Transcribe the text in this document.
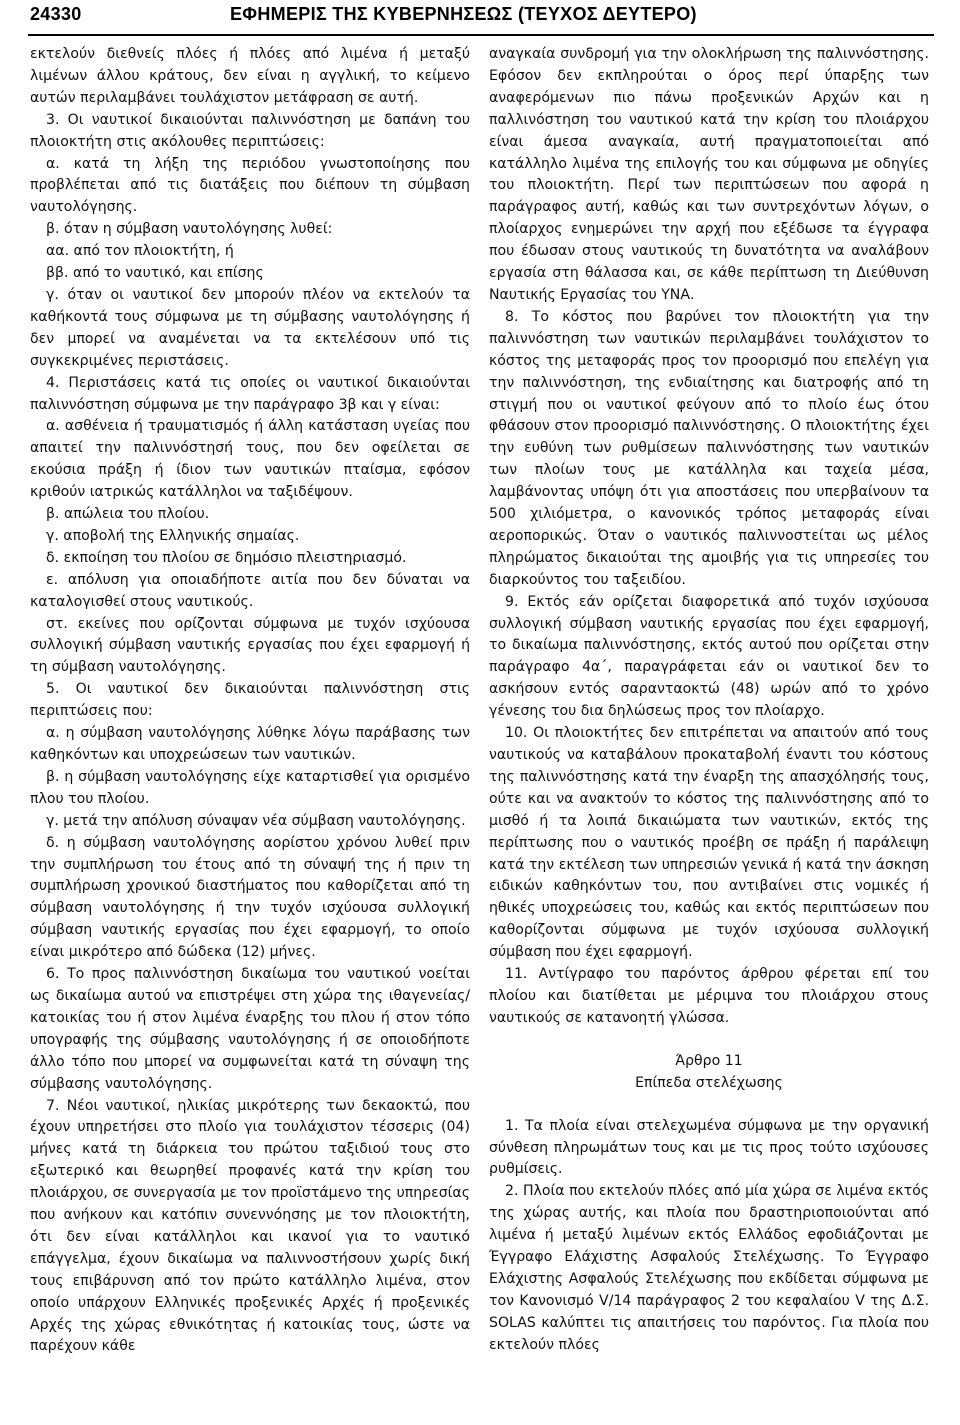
24330	ΕΦΗΜΕΡΙΣ ΤΗΣ ΚΥΒΕΡΝΗΣΕΩΣ (ΤΕΥΧΟΣ ΔΕΥΤΕΡΟ)

εκτελούν διεθνείς πλόες ή πλόες από λιμένα ή μεταξύ λιμένων άλλου κράτους, δεν είναι η αγγλική, το κείμενο αυτών περιλαμβάνει τουλάχιστον μετάφραση σε αυτή.

3. Οι ναυτικοί δικαιούνται παλιννόστηση με δαπάνη του πλοιοκτήτη στις ακόλουθες περιπτώσεις:

α. κατά τη λήξη της περιόδου γνωστοποίησης που προβλέπεται από τις διατάξεις που διέπουν τη σύμβαση ναυτολόγησης.

β. όταν η σύμβαση ναυτολόγησης λυθεί:

αα. από τον πλοιοκτήτη, ή

ββ. από το ναυτικό, και επίσης

γ. όταν οι ναυτικοί δεν μπορούν πλέον να εκτελούν τα καθήκοντά τους σύμφωνα με τη σύμβασης ναυτολόγησης ή δεν μπορεί να αναμένεται να τα εκτελέσουν υπό τις συγκεκριμένες περιστάσεις.

4. Περιστάσεις κατά τις οποίες οι ναυτικοί δικαιούνται παλιννόστηση σύμφωνα με την παράγραφο 3β και γ είναι:

α. ασθένεια ή τραυματισμός ή άλλη κατάσταση υγείας που απαιτεί την παλιννόστησή τους, που δεν οφείλεται σε εκούσια πράξη ή ίδιον των ναυτικών πταίσμα, εφόσον κριθούν ιατρικώς κατάλληλοι να ταξιδέψουν.

β. απώλεια του πλοίου.

γ. αποβολή της Ελληνικής σημαίας.

δ. εκποίηση του πλοίου σε δημόσιο πλειστηριασμό.

ε. απόλυση για οποιαδήποτε αιτία που δεν δύναται να καταλογισθεί στους ναυτικούς.

στ. εκείνες που ορίζονται σύμφωνα με τυχόν ισχύουσα συλλογική σύμβαση ναυτικής εργασίας που έχει εφαρμογή ή τη σύμβαση ναυτολόγησης.

5. Οι ναυτικοί δεν δικαιούνται παλιννόστηση στις περιπτώσεις που:

α. η σύμβαση ναυτολόγησης λύθηκε λόγω παράβασης των καθηκόντων και υποχρεώσεων των ναυτικών.

β. η σύμβαση ναυτολόγησης είχε καταρτισθεί για ορισμένο πλου του πλοίου.

γ. μετά την απόλυση σύναψαν νέα σύμβαση ναυτολόγησης.

δ. η σύμβαση ναυτολόγησης αορίστου χρόνου λυθεί πριν την συμπλήρωση του έτους από τη σύναψή της ή πριν τη συμπλήρωση χρονικού διαστήματος που καθορίζεται από τη σύμβαση ναυτολόγησης ή την τυχόν ισχύουσα συλλογική σύμβαση ναυτικής εργασίας που έχει εφαρμογή, το οποίο είναι μικρότερο από δώδεκα (12) μήνες.

6. Το προς παλιννόστηση δικαίωμα του ναυτικού νοείται ως δικαίωμα αυτού να επιστρέψει στη χώρα της ιθαγενείας/κατοικίας του ή στον λιμένα έναρξης του πλου ή στον τόπο υπογραφής της σύμβασης ναυτολόγησης ή σε οποιοδήποτε άλλο τόπο που μπορεί να συμφωνείται κατά τη σύναψη της σύμβασης ναυτολόγησης.

7. Νέοι ναυτικοί, ηλικίας μικρότερης των δεκαοκτώ, που έχουν υπηρετήσει στο πλοίο για τουλάχιστον τέσσερις (04) μήνες κατά τη διάρκεια του πρώτου ταξιδιού τους στο εξωτερικό και θεωρηθεί προφανές κατά την κρίση του πλοιάρχου, σε συνεργασία με τον προϊστάμενο της υπηρεσίας που ανήκουν και κατόπιν συνεννόησης με τον πλοιοκτήτη, ότι δεν είναι κατάλληλοι και ικανοί για το ναυτικό επάγγελμα, έχουν δικαίωμα να παλιννοστήσουν χωρίς δική τους επιβάρυνση από τον πρώτο κατάλληλο λιμένα, στον οποίο υπάρχουν Ελληνικές προξενικές Αρχές ή προξενικές Αρχές της χώρας εθνικότητας ή κατοικίας τους, ώστε να παρέχουν κάθε

αναγκαία συνδρομή για την ολοκλήρωση της παλιννόστησης. Εφόσον δεν εκπληρούται ο όρος περί ύπαρξης των αναφερόμενων πιο πάνω προξενικών Αρχών και η παλλινόστηση του ναυτικού κατά την κρίση του πλοιάρχου είναι άμεσα αναγκαία, αυτή πραγματοποιείται από κατάλληλο λιμένα της επιλογής του και σύμφωνα με οδηγίες του πλοιοκτήτη. Περί των περιπτώσεων που αφορά η παράγραφος αυτή, καθώς και των συντρεχόντων λόγων, ο πλοίαρχος ενημερώνει την αρχή που εξέδωσε τα έγγραφα που έδωσαν στους ναυτικούς τη δυνατότητα να αναλάβουν εργασία στη θάλασσα και, σε κάθε περίπτωση τη Διεύθυνση Ναυτικής Εργασίας του ΥΝΑ.

8. Το κόστος που βαρύνει τον πλοιοκτήτη για την παλιννόστηση των ναυτικών περιλαμβάνει τουλάχιστον το κόστος της μεταφοράς προς τον προορισμό που επελέγη για την παλιννόστηση, της ενδιαίτησης και διατροφής από τη στιγμή που οι ναυτικοί φεύγουν από το πλοίο έως ότου φθάσουν στον προορισμό παλιννόστησης. Ο πλοιοκτήτης έχει την ευθύνη των ρυθμίσεων παλιννόστησης των ναυτικών των πλοίων τους με κατάλληλα και ταχεία μέσα, λαμβάνοντας υπόψη ότι για αποστάσεις που υπερβαίνουν τα 500 χιλιόμετρα, ο κανονικός τρόπος μεταφοράς είναι αεροπορικώς. Όταν ο ναυτικός παλιννοστείται ως μέλος πληρώματος δικαιούται της αμοιβής για τις υπηρεσίες του διαρκούντος του ταξειδίου.

9. Εκτός εάν ορίζεται διαφορετικά από τυχόν ισχύουσα συλλογική σύμβαση ναυτικής εργασίας που έχει εφαρμογή, το δικαίωμα παλιννόστησης, εκτός αυτού που ορίζεται στην παράγραφο 4α΄, παραγράφεται εάν οι ναυτικοί δεν το ασκήσουν εντός σαρανταοκτώ (48) ωρών από το χρόνο γένεσης του δια δηλώσεως προς τον πλοίαρχο.

10. Οι πλοιοκτήτες δεν επιτρέπεται να απαιτούν από τους ναυτικούς να καταβάλουν προκαταβολή έναντι του κόστους της παλιννόστησης κατά την έναρξη της απασχόλησής τους, ούτε και να ανακτούν το κόστος της παλιννόστησης από το μισθό ή τα λοιπά δικαιώματα των ναυτικών, εκτός της περίπτωσης που ο ναυτικός προέβη σε πράξη ή παράλειψη κατά την εκτέλεση των υπηρεσιών γενικά ή κατά την άσκηση ειδικών καθηκόντων του, που αντιβαίνει στις νομικές ή ηθικές υποχρεώσεις του, καθώς και εκτός περιπτώσεων που καθορίζονται σύμφωνα με τυχόν ισχύουσα συλλογική σύμβαση που έχει εφαρμογή.

11. Αντίγραφο του παρόντος άρθρου φέρεται επί του πλοίου και διατίθεται με μέριμνα του πλοιάρχου στους ναυτικούς σε κατανοητή γλώσσα.

Άρθρο 11

Επίπεδα στελέχωσης

1. Τα πλοία είναι στελεχωμένα σύμφωνα με την οργανική σύνθεση πληρωμάτων τους και με τις προς τούτο ισχύουσες ρυθμίσεις.

2. Πλοία που εκτελούν πλόες από μία χώρα σε λιμένα εκτός της χώρας αυτής, και πλοία που δραστηριοποιούνται από λιμένα ή μεταξύ λιμένων εκτός Ελλάδος eφοδιάζονται με Έγγραφο Ελάχιστης Ασφαλούς Στελέχωσης. Το Έγγραφο Ελάχιστης Ασφαλούς Στελέχωσης που εκδίδεται σύμφωνα με τον Κανονισμό V/14 παράγραφος 2 του κεφαλαίου V της Δ.Σ. SOLAS καλύπτει τις απαιτήσεις του παρόντος. Για πλοία που εκτελούν πλόες
